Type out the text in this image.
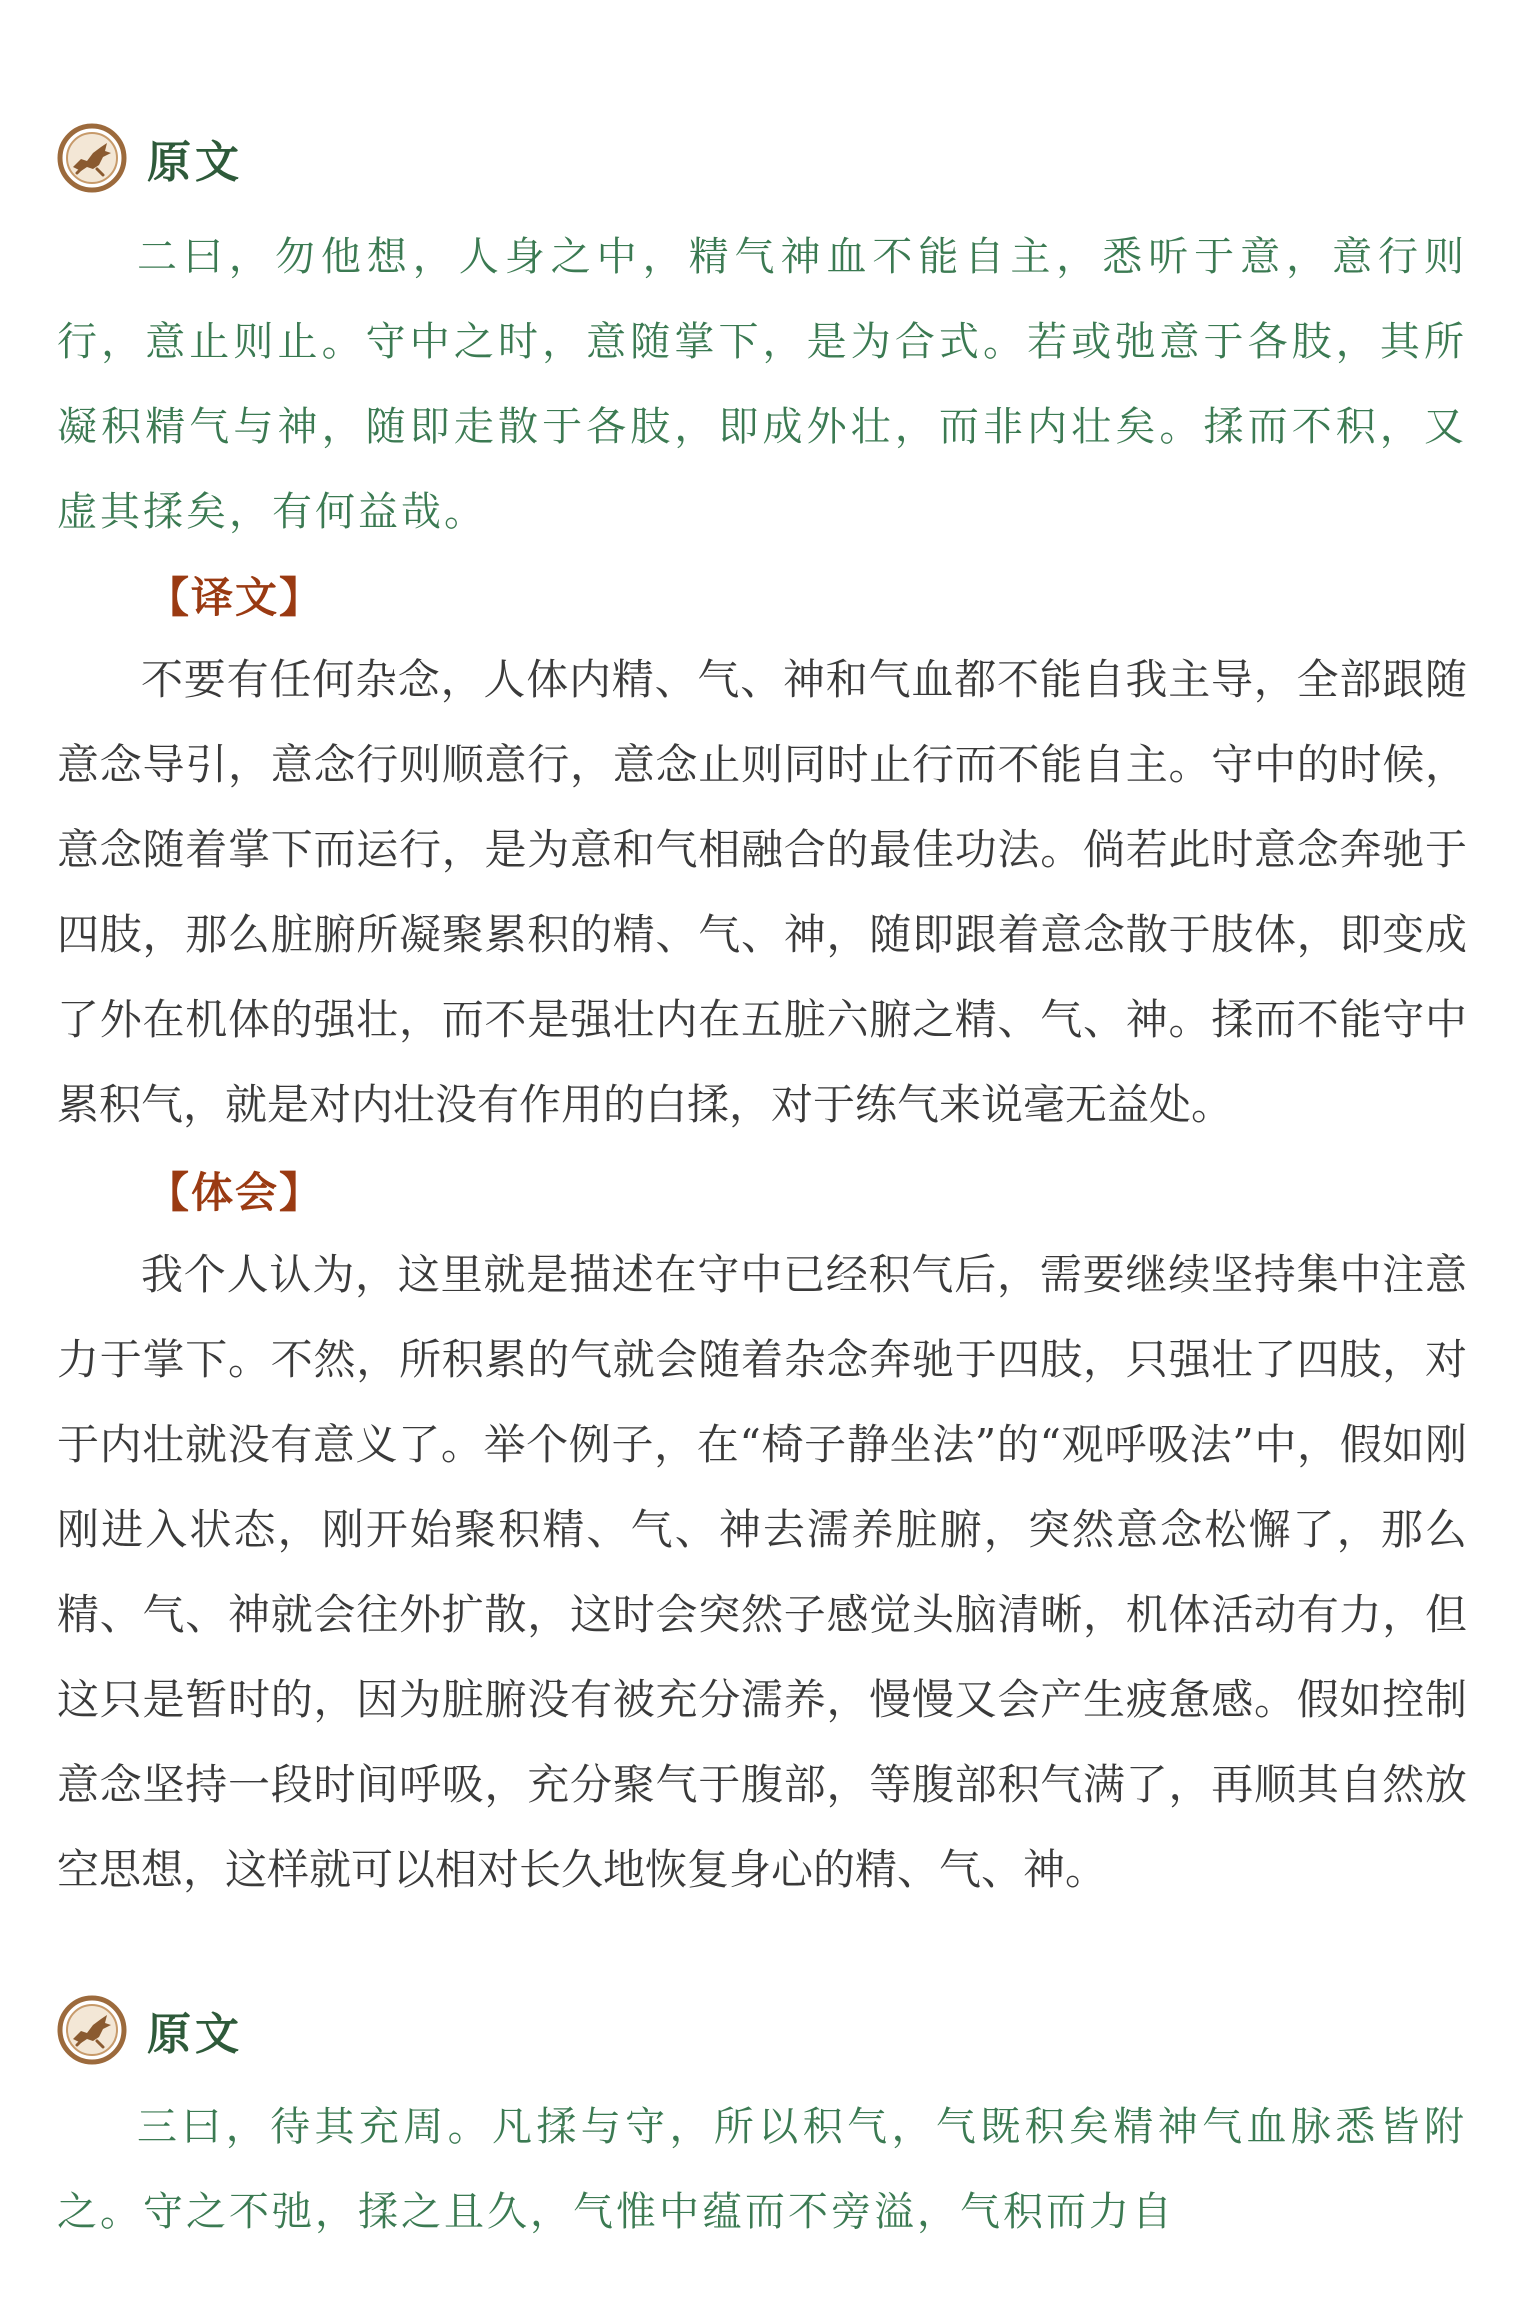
原文

二曰，勿他想，人身之中，精气神血不能自主，悉听于意，意行则行，意止则止。守中之时，意随掌下，是为合式。若或弛意于各肢，其所凝积精气与神，随即走散于各肢，即成外壮，而非内壮矣。揉而不积，又虚其揉矣，有何益哉。

【译文】

不要有任何杂念，人体内精、气、神和气血都不能自我主导，全部跟随意念导引，意念行则顺意行，意念止则同时止行而不能自主。守中的时候，意念随着掌下而运行，是为意和气相融合的最佳功法。倘若此时意念奔驰于四肢，那么脏腑所凝聚累积的精、气、神，随即跟着意念散于肢体，即变成了外在机体的强壮，而不是强壮内在五脏六腑之精、气、神。揉而不能守中累积气，就是对内壮没有作用的白揉，对于练气来说毫无益处。

【体会】

我个人认为，这里就是描述在守中已经积气后，需要继续坚持集中注意力于掌下。不然，所积累的气就会随着杂念奔驰于四肢，只强壮了四肢，对于内壮就没有意义了。举个例子，在“椅子静坐法”的“观呼吸法”中，假如刚刚进入状态，刚开始聚积精、气、神去濡养脏腑，突然意念松懈了，那么精、气、神就会往外扩散，这时会突然子感觉头脑清晰，机体活动有力，但这只是暂时的，因为脏腑没有被充分濡养，慢慢又会产生疲惫感。假如控制意念坚持一段时间呼吸，充分聚气于腹部，等腹部积气满了，再顺其自然放空思想，这样就可以相对长久地恢复身心的精、气、神。

原文

三曰，待其充周。凡揉与守，所以积气，气既积矣精神气血脉悉皆附之。守之不弛，揉之且久，气惟中蕴而不旁溢，气积而力自
